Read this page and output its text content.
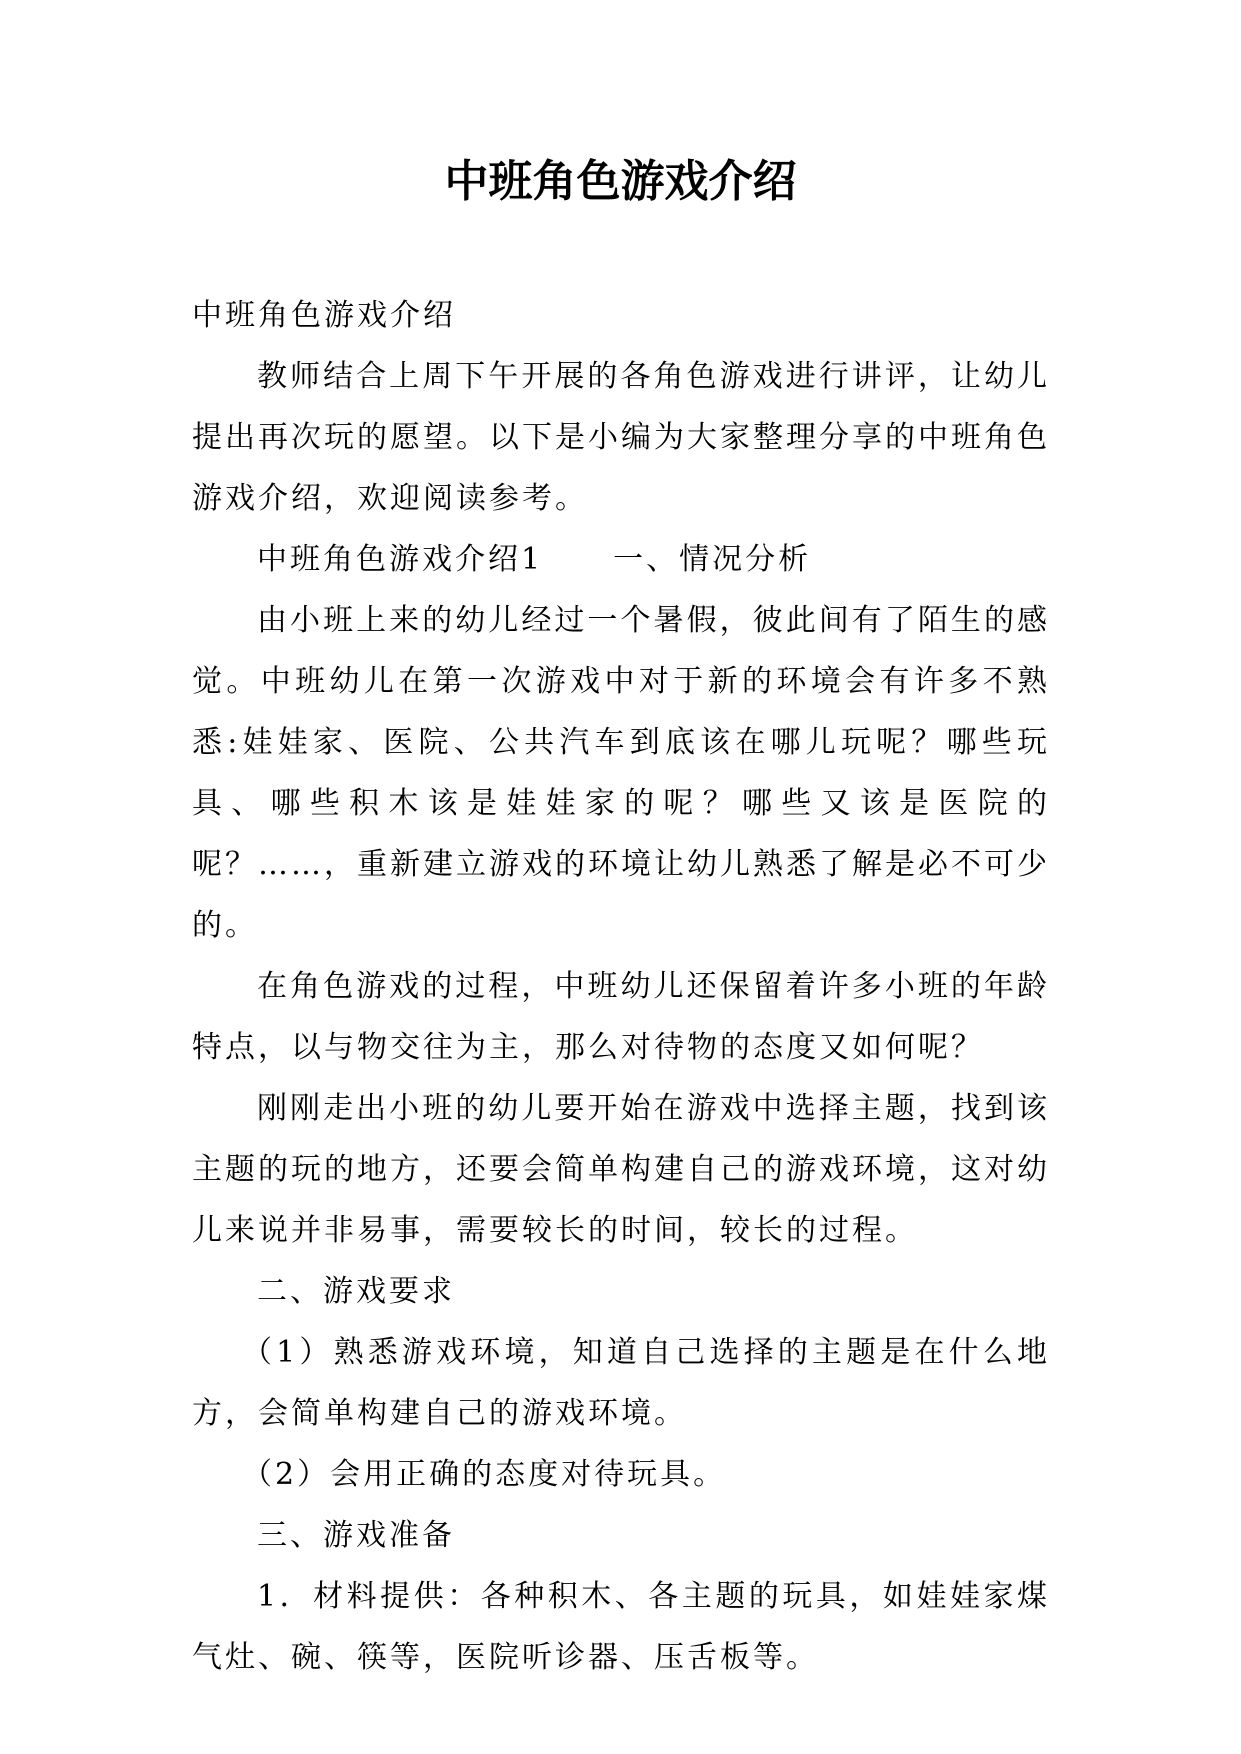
中班角色游戏介绍

中班角色游戏介绍

教师结合上周下午开展的各角色游戏进行讲评，让幼儿提出再次玩的愿望。以下是小编为大家整理分享的中班角色游戏介绍，欢迎阅读参考。

中班角色游戏介绍1 一、情况分析

由小班上来的幼儿经过一个暑假，彼此间有了陌生的感觉。中班幼儿在第一次游戏中对于新的环境会有许多不熟悉:娃娃家、医院、公共汽车到底该在哪儿玩呢？哪些玩具、哪些积木该是娃娃家的呢？哪些又该是医院的呢？……，重新建立游戏的环境让幼儿熟悉了解是必不可少的。

在角色游戏的过程，中班幼儿还保留着许多小班的年龄特点，以与物交往为主，那么对待物的态度又如何呢？

刚刚走出小班的幼儿要开始在游戏中选择主题，找到该主题的玩的地方，还要会简单构建自己的游戏环境，这对幼儿来说并非易事，需要较长的时间，较长的过程。

二、游戏要求

（1）熟悉游戏环境，知道自己选择的主题是在什么地方，会简单构建自己的游戏环境。

（2）会用正确的态度对待玩具。

三、游戏准备

1．材料提供：各种积木、各主题的玩具，如娃娃家煤气灶、碗、筷等，医院听诊器、压舌板等。
